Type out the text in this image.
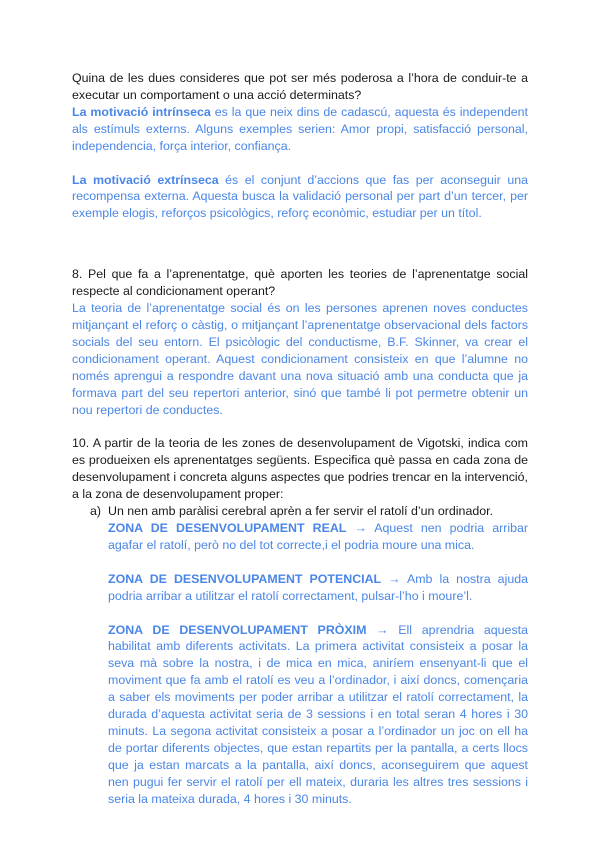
Quina de les dues consideres que pot ser més poderosa a l’hora de conduir-te a executar un comportament o una acció determinats?

La motivació intrínseca es la que neix dins de cadascú, aquesta és independent als estímuls externs. Alguns exemples serien: Amor propi, satisfacció personal, independencia, força interior, confiança.

La motivació extrínseca és el conjunt d’accions que fas per aconseguir una recompensa externa. Aquesta busca la validació personal per part d’un tercer, per exemple elogis, reforços psicològics, reforç econòmic, estudiar per un títol.

8. Pel que fa a l’aprenentatge, què aporten les teories de l’aprenentatge social respecte al condicionament operant?

La teoria de l’aprenentatge social és on les persones aprenen noves conductes mitjançant el reforç o càstig, o mitjançant l’aprenentatge observacional dels factors socials del seu entorn. El psicòlogic del conductisme, B.F. Skinner, va crear el condicionament operant. Aquest condicionament consisteix en que l’alumne no només aprengui a respondre davant una nova situació amb una conducta que ja formava part del seu repertori anterior, sinó que també li pot permetre obtenir un nou repertori de conductes.

10. A partir de la teoria de les zones de desenvolupament de Vigotski, indica com es produeixen els aprenentatges següents. Especifica què passa en cada zona de desenvolupament i concreta alguns aspectes que podries trencar en la intervenció, a la zona de desenvolupament proper:

a) Un nen amb paràlisi cerebral aprèn a fer servir el ratolí d’un ordinador.

ZONA DE DESENVOLUPAMENT REAL → Aquest nen podria arribar agafar el ratolí, però no del tot correcte,i el podria moure una mica.

ZONA DE DESENVOLUPAMENT POTENCIAL → Amb la nostra ajuda podria arribar a utilitzar el ratolí correctament, pulsar-l’ho i moure’l.

ZONA DE DESENVOLUPAMENT PRÒXIM → Ell aprendria aquesta habilitat amb diferents activitats. La primera activitat consisteix a posar la seva mà sobre la nostra, i de mica en mica, aniríem ensenyant-li que el moviment que fa amb el ratolí es veu a l’ordinador, i així doncs, començaria a saber els moviments per poder arribar a utilitzar el ratolí correctament, la durada d’aquesta activitat seria de 3 sessions i en total seran 4 hores i 30 minuts. La segona activitat consisteix a posar a l’ordinador un joc on ell ha de portar diferents objectes, que estan repartits per la pantalla, a certs llocs que ja estan marcats a la pantalla, així doncs, aconseguirem que aquest nen pugui fer servir el ratolí per ell mateix, duraria les altres tres sessions i seria la mateixa durada, 4 hores i 30 minuts.
